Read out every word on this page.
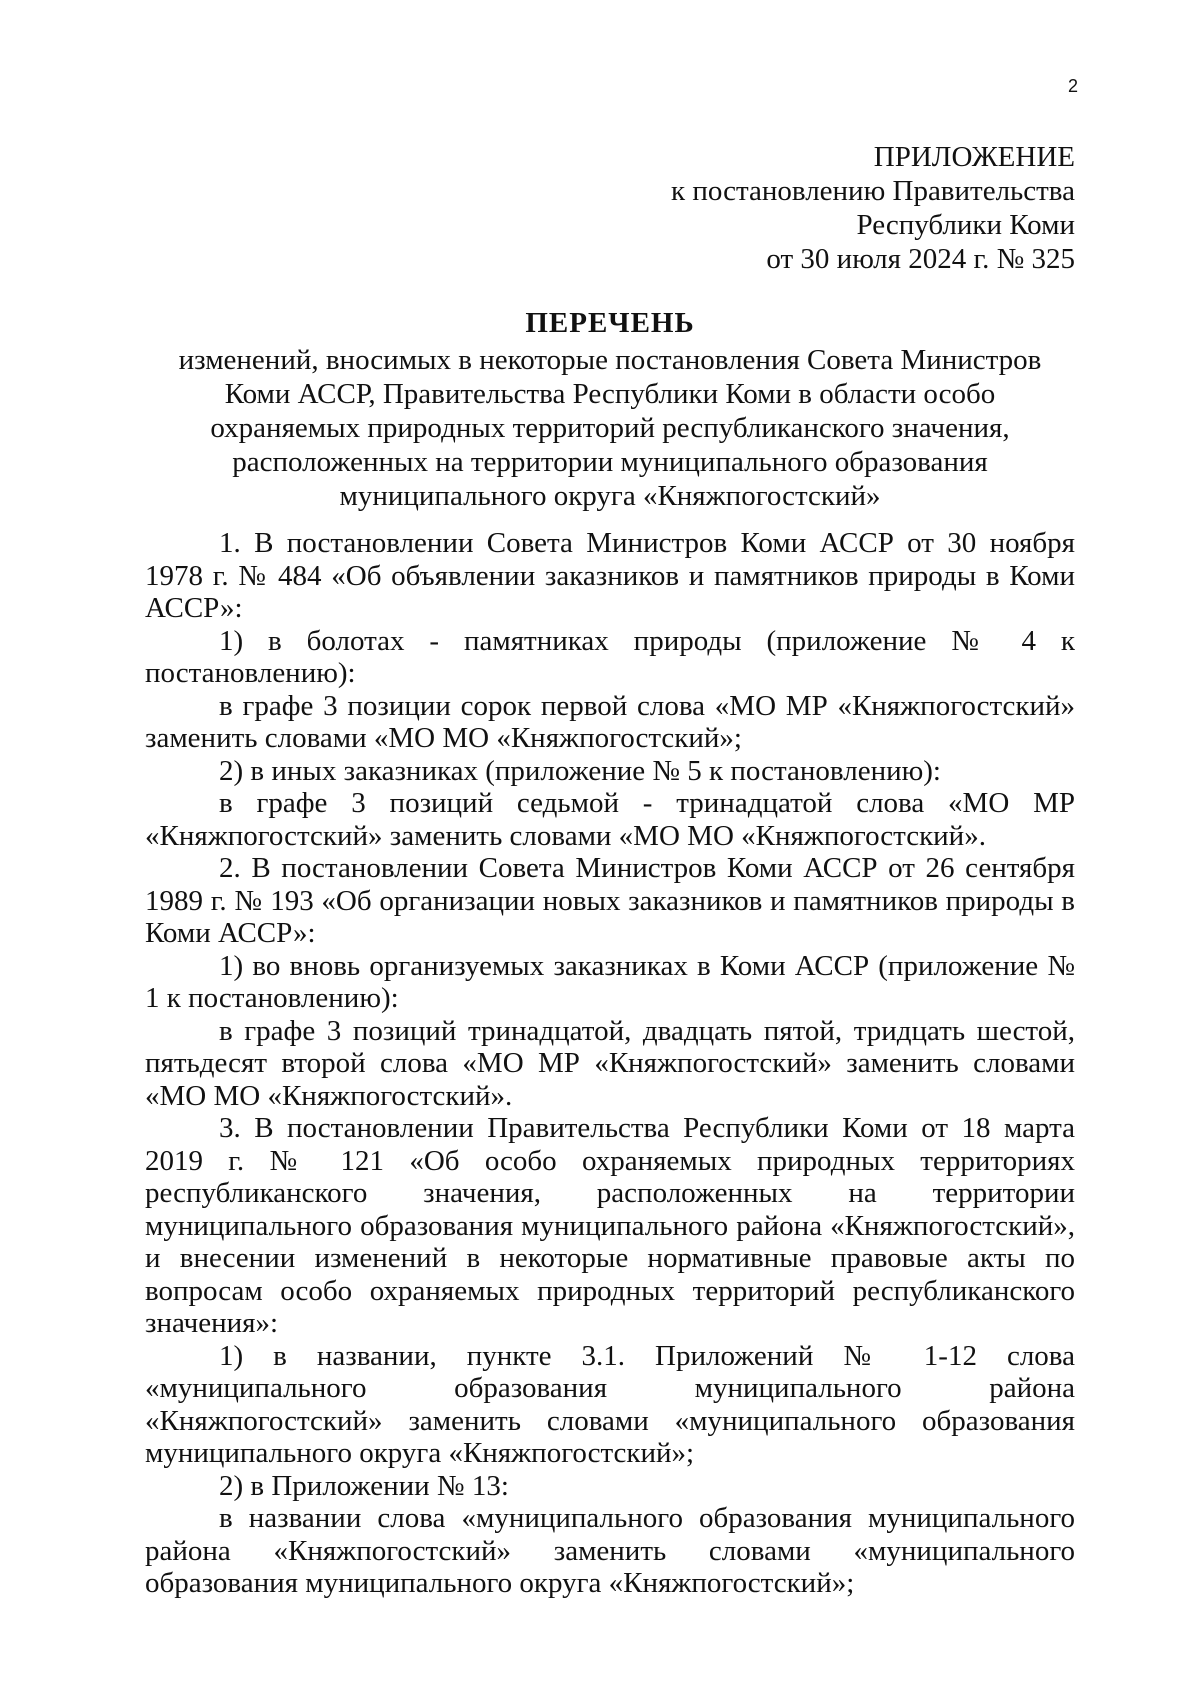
2
ПРИЛОЖЕНИЕ
к постановлению Правительства
Республики Коми
от 30 июля 2024 г. № 325
ПЕРЕЧЕНЬ
изменений, вносимых в некоторые постановления Совета Министров
Коми АССР, Правительства Республики Коми в области особо
охраняемых природных территорий республиканского значения,
расположенных на территории муниципального образования
муниципального округа «Княжпогостский»

1. В постановлении Совета Министров Коми АССР от 30 ноября 1978 г. № 484 «Об объявлении заказников и памятников природы в Коми АССР»:

1) в болотах - памятниках природы (приложение № 4 к постановлению):

в графе 3 позиции сорок первой слова «МО МР «Княжпогостский» заменить словами «МО МО «Княжпогостский»;

2) в иных заказниках (приложение № 5 к постановлению):

в графе 3 позиций седьмой - тринадцатой слова «МО МР «Княжпогостский» заменить словами «МО МО «Княжпогостский».

2. В постановлении Совета Министров Коми АССР от 26 сентября 1989 г. № 193 «Об организации новых заказников и памятников природы в Коми АССР»:

1) во вновь организуемых заказниках в Коми АССР (приложение № 1 к постановлению):

в графе 3 позиций тринадцатой, двадцать пятой, тридцать шестой, пятьдесят второй слова «МО МР «Княжпогостский» заменить словами «МО МО «Княжпогостский».

3. В постановлении Правительства Республики Коми от 18 марта 2019 г. № 121 «Об особо охраняемых природных территориях республиканского значения, расположенных на территории муниципального образования муниципального района «Княжпогостский», и внесении изменений в некоторые нормативные правовые акты по вопросам особо охраняемых природных территорий республиканского значения»:

1) в названии, пункте 3.1. Приложений № 1-12 слова «муниципального образования муниципального района «Княжпогостский» заменить словами «муниципального образования муниципального округа «Княжпогостский»;

2) в Приложении № 13:

в названии слова «муниципального образования муниципального района «Княжпогостский» заменить словами «муниципального образования муниципального округа «Княжпогостский»;
